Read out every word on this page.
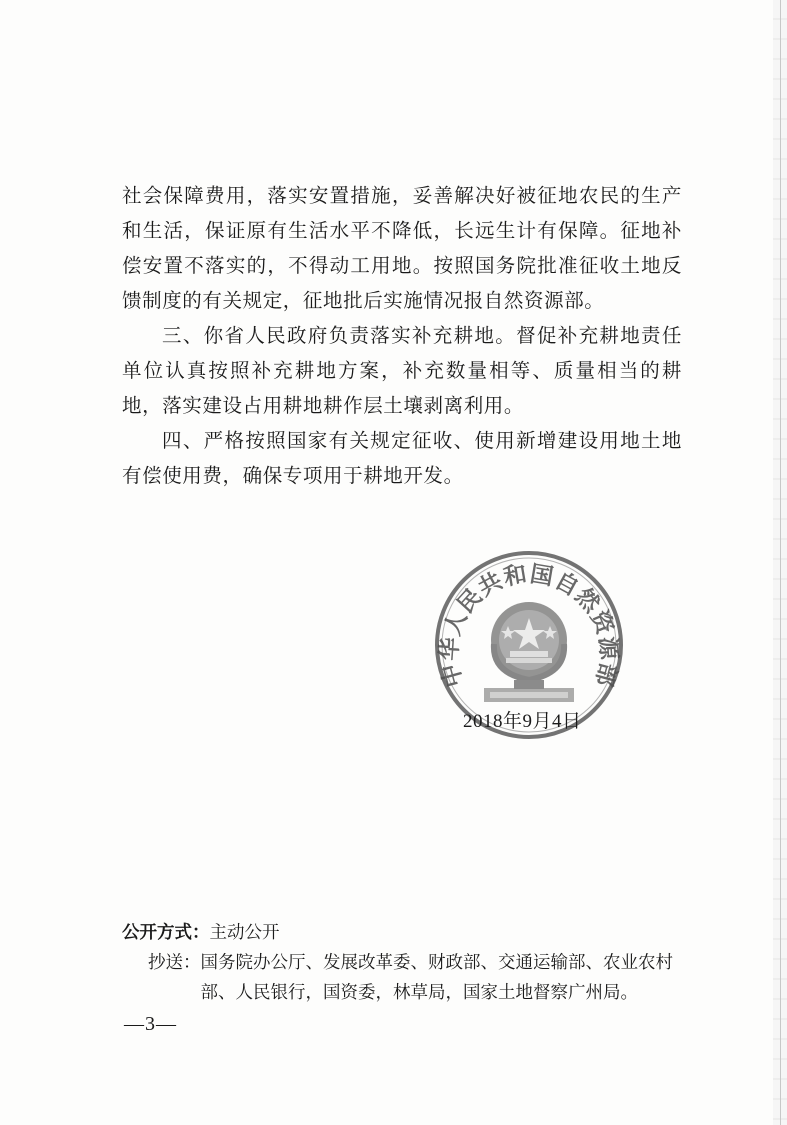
社会保障费用，落实安置措施，妥善解决好被征地农民的生产和生活，保证原有生活水平不降低，长远生计有保障。征地补偿安置不落实的，不得动工用地。按照国务院批准征收土地反馈制度的有关规定，征地批后实施情况报自然资源部。

三、你省人民政府负责落实补充耕地。督促补充耕地责任单位认真按照补充耕地方案，补充数量相等、质量相当的耕地，落实建设占用耕地耕作层土壤剥离利用。

四、严格按照国家有关规定征收、使用新增建设用地土地有偿使用费，确保专项用于耕地开发。

中华人民共和国自然资源部
2018年9月4日

公开方式：主动公开

抄送： 国务院办公厅、发展改革委、财政部、交通运输部、农业农村部、人民银行，国资委，林草局，国家土地督察广州局。
—3—
